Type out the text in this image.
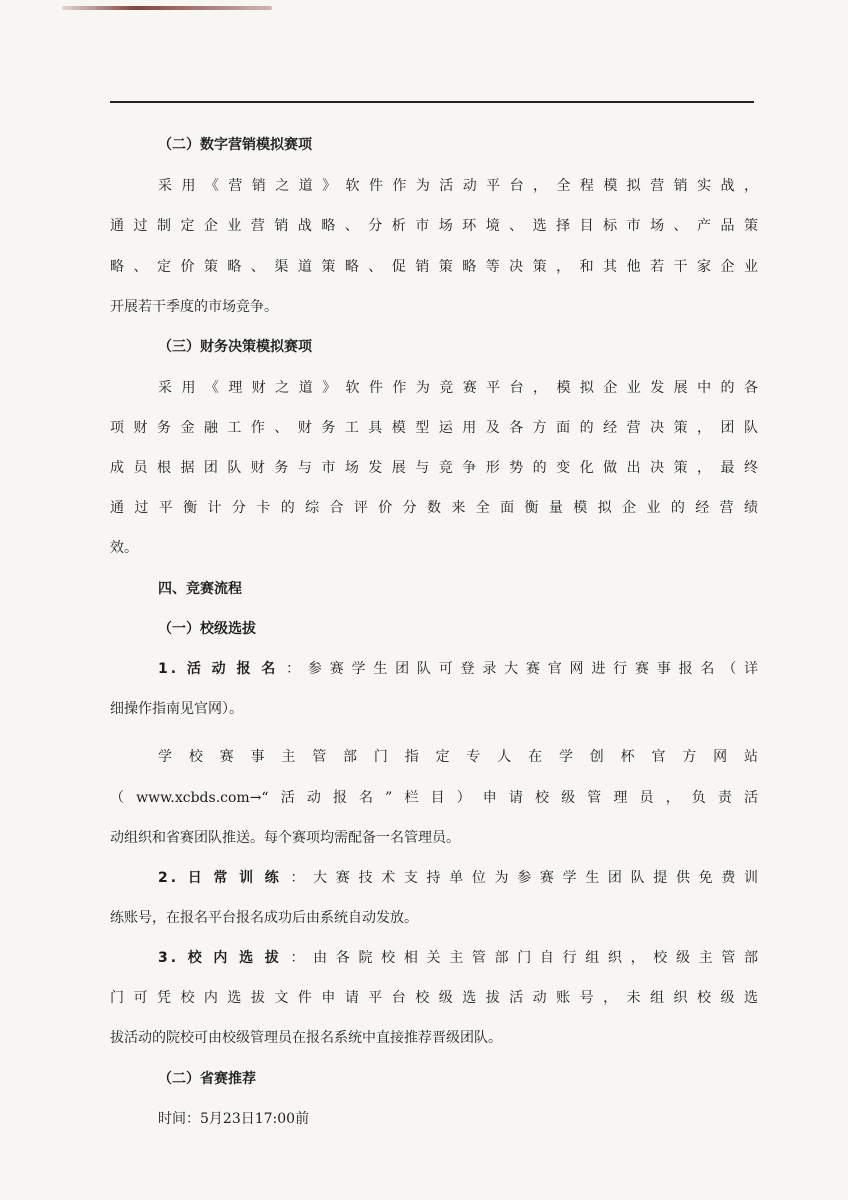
（二）数字营销模拟赛项
采用《营销之道》软件作为活动平台，全程模拟营销实战，
通过制定企业营销战略、分析市场环境、选择目标市场、产品策
略、定价策略、渠道策略、促销策略等决策，和其他若干家企业
开展若干季度的市场竞争。
（三）财务决策模拟赛项
采用《理财之道》软件作为竞赛平台，模拟企业发展中的各
项财务金融工作、财务工具模型运用及各方面的经营决策，团队
成员根据团队财务与市场发展与竞争形势的变化做出决策，最终
通过平衡计分卡的综合评价分数来全面衡量模拟企业的经营绩
效。
四、竞赛流程
（一）校级选拔
1.活动报名：参赛学生团队可登录大赛官网进行赛事报名（详
细操作指南见官网）。
学校赛事主管部门指定专人在学创杯官方网站
（www.xcbds.com→“活动报名”栏目）申请校级管理员，负责活
动组织和省赛团队推送。每个赛项均需配备一名管理员。
2.日常训练：大赛技术支持单位为参赛学生团队提供免费训
练账号，在报名平台报名成功后由系统自动发放。
3.校内选拔：由各院校相关主管部门自行组织，校级主管部
门可凭校内选拔文件申请平台校级选拔活动账号，未组织校级选
拔活动的院校可由校级管理员在报名系统中直接推荐晋级团队。
（二）省赛推荐
时间：5月23日17:00前
